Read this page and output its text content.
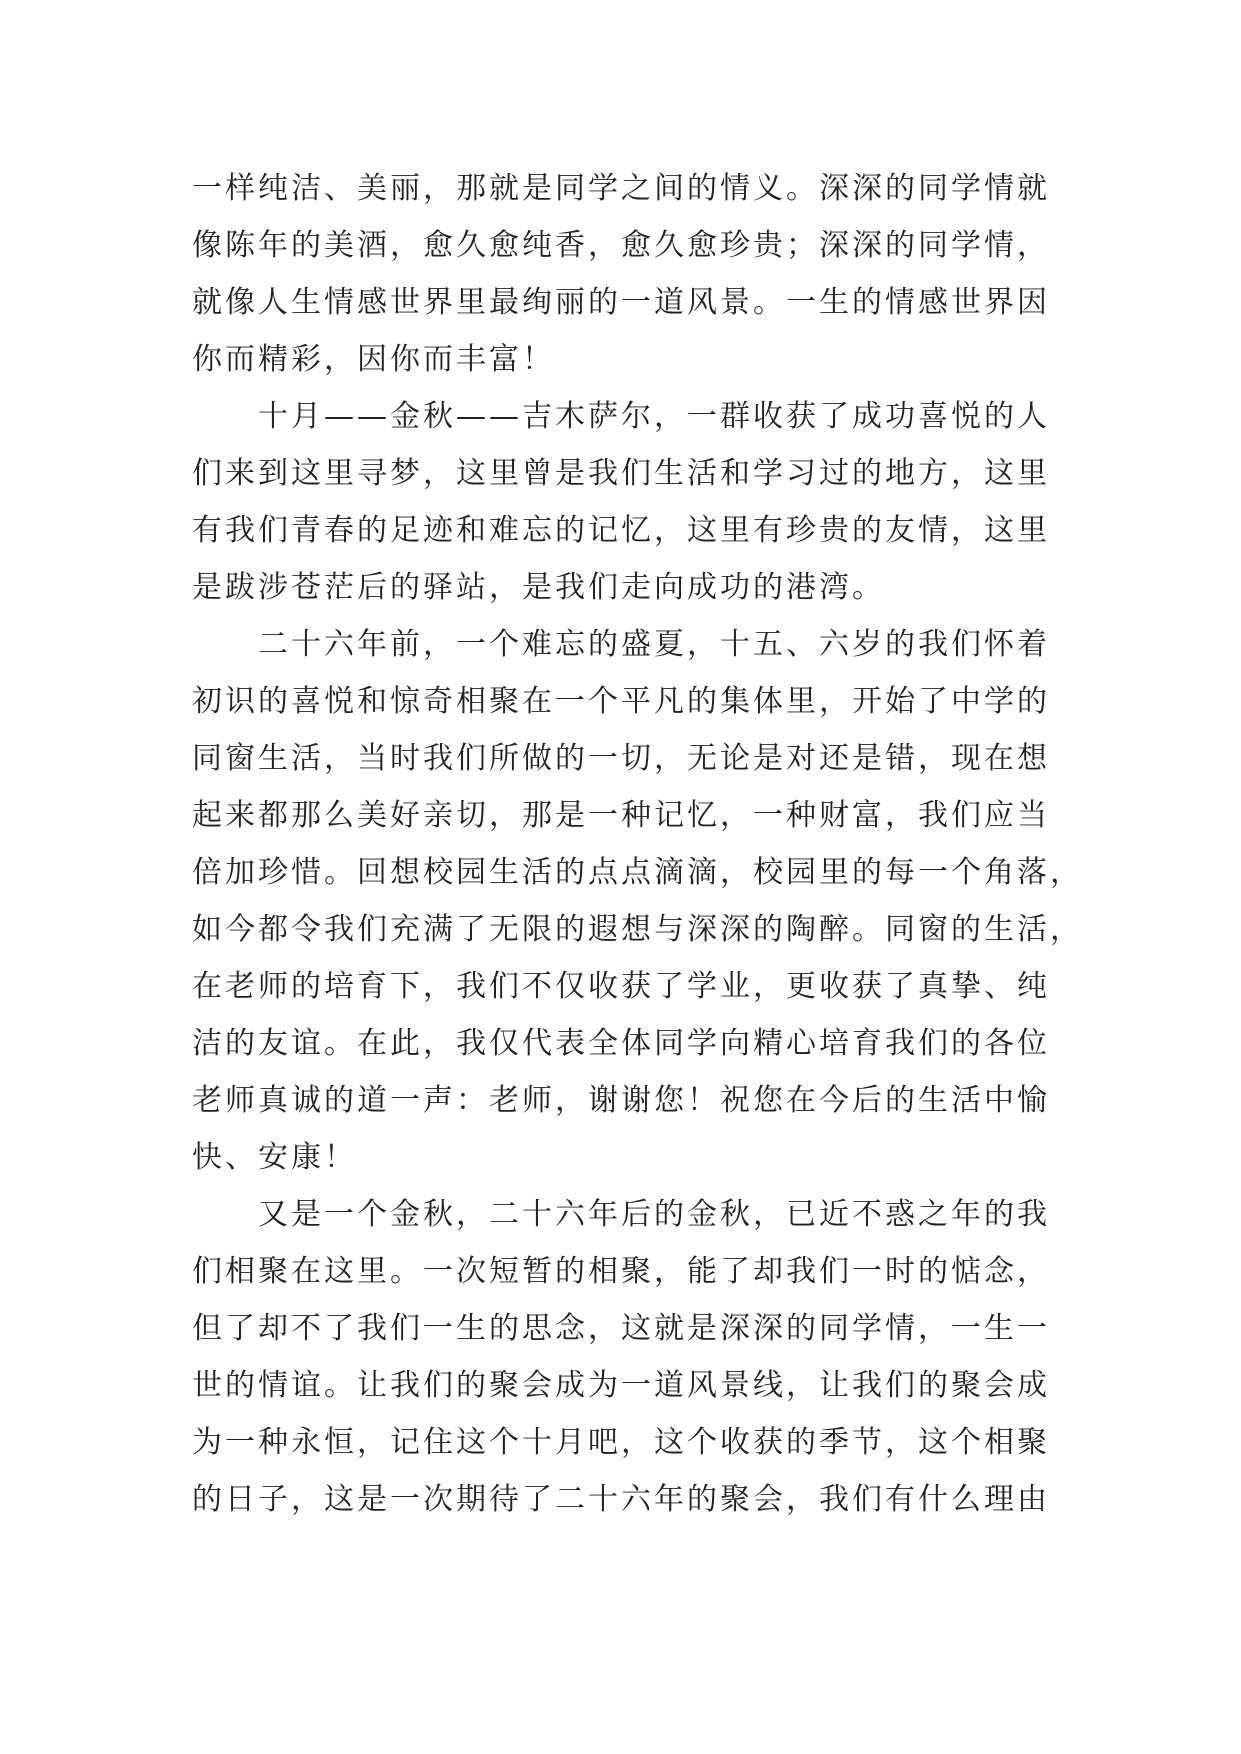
一样纯洁、美丽，那就是同学之间的情义。深深的同学情就
像陈年的美酒，愈久愈纯香，愈久愈珍贵；深深的同学情，
就像人生情感世界里最绚丽的一道风景。一生的情感世界因
你而精彩，因你而丰富！
十月——金秋——吉木萨尔，一群收获了成功喜悦的人
们来到这里寻梦，这里曾是我们生活和学习过的地方，这里
有我们青春的足迹和难忘的记忆，这里有珍贵的友情，这里
是跋涉苍茫后的驿站，是我们走向成功的港湾。
二十六年前，一个难忘的盛夏，十五、六岁的我们怀着
初识的喜悦和惊奇相聚在一个平凡的集体里，开始了中学的
同窗生活，当时我们所做的一切，无论是对还是错，现在想
起来都那么美好亲切，那是一种记忆，一种财富，我们应当
倍加珍惜。回想校园生活的点点滴滴，校园里的每一个角落，
如今都令我们充满了无限的遐想与深深的陶醉。同窗的生活，
在老师的培育下，我们不仅收获了学业，更收获了真挚、纯
洁的友谊。在此，我仅代表全体同学向精心培育我们的各位
老师真诚的道一声：老师，谢谢您！祝您在今后的生活中愉
快、安康！
又是一个金秋，二十六年后的金秋，已近不惑之年的我
们相聚在这里。一次短暂的相聚，能了却我们一时的惦念，
但了却不了我们一生的思念，这就是深深的同学情，一生一
世的情谊。让我们的聚会成为一道风景线，让我们的聚会成
为一种永恒，记住这个十月吧，这个收获的季节，这个相聚
的日子，这是一次期待了二十六年的聚会，我们有什么理由
